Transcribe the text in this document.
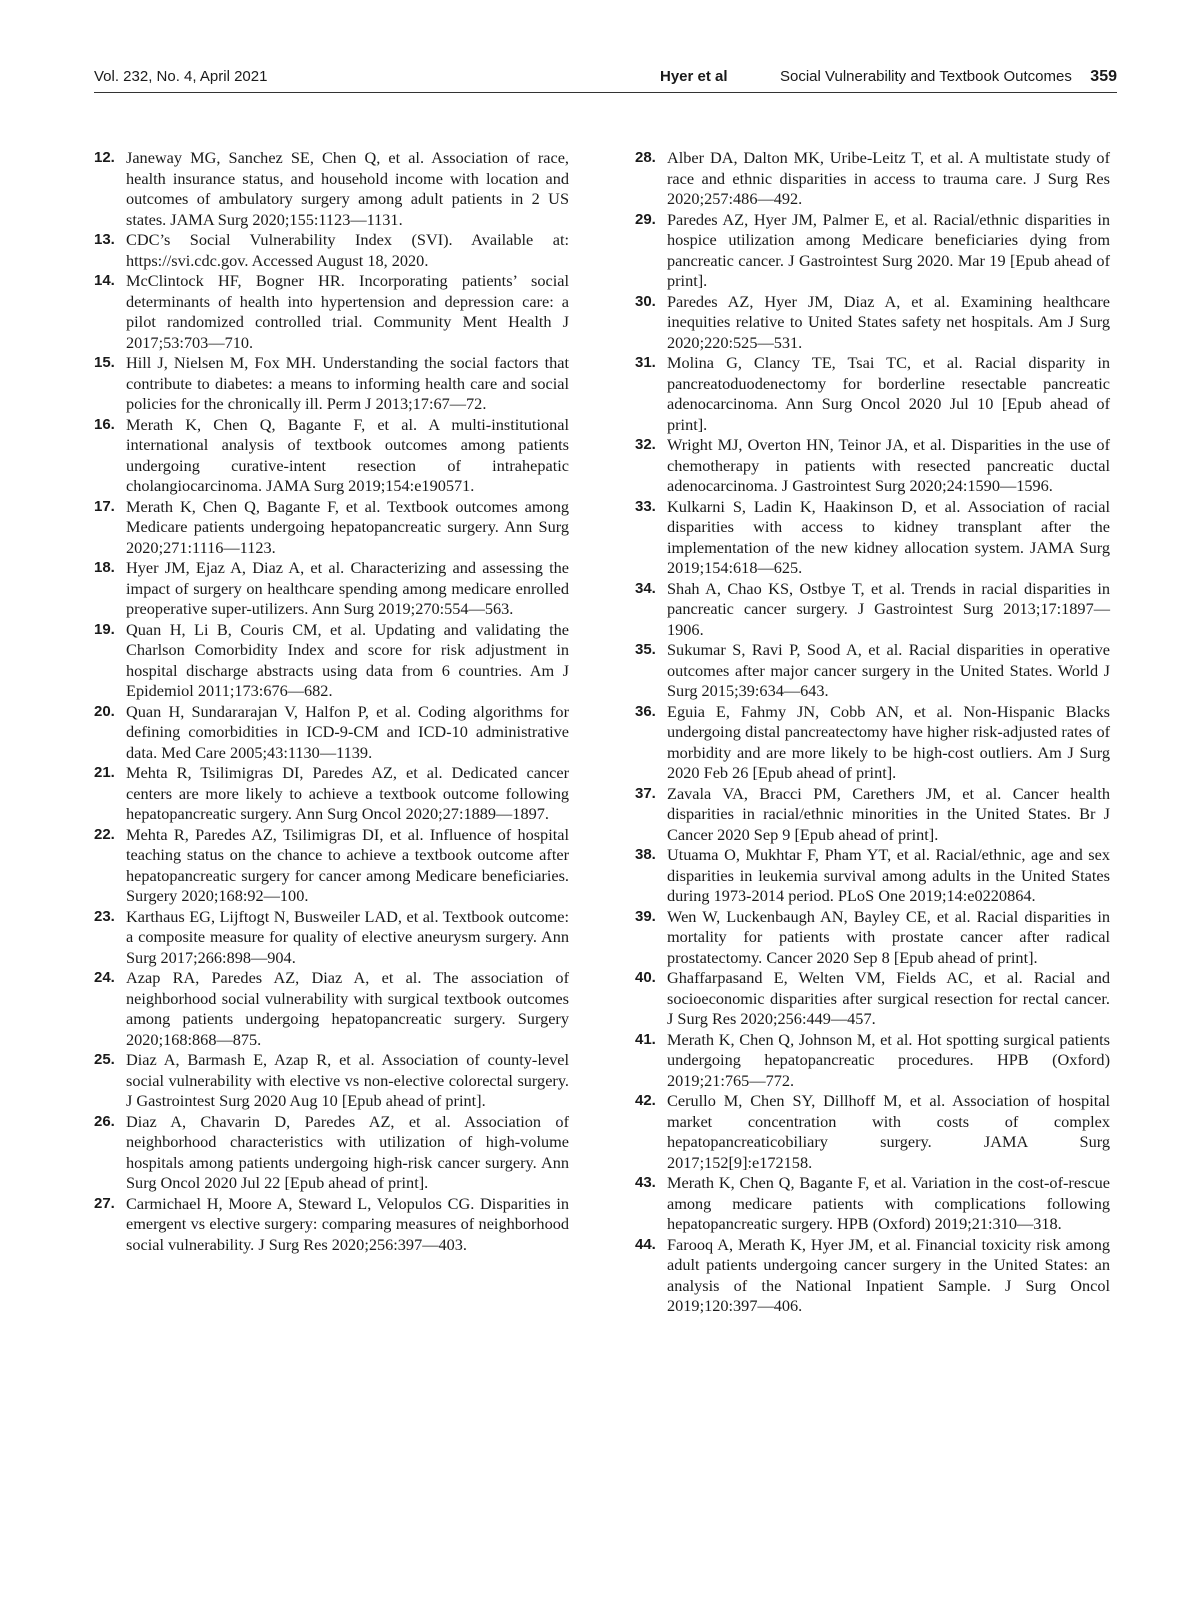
Vol. 232, No. 4, April 2021	Hyer et al	Social Vulnerability and Textbook Outcomes 359
12. Janeway MG, Sanchez SE, Chen Q, et al. Association of race, health insurance status, and household income with location and outcomes of ambulatory surgery among adult patients in 2 US states. JAMA Surg 2020;155:1123—1131.
13. CDC’s Social Vulnerability Index (SVI). Available at: https://svi.cdc.gov. Accessed August 18, 2020.
14. McClintock HF, Bogner HR. Incorporating patients’ social determinants of health into hypertension and depression care: a pilot randomized controlled trial. Community Ment Health J 2017;53:703—710.
15. Hill J, Nielsen M, Fox MH. Understanding the social factors that contribute to diabetes: a means to informing health care and social policies for the chronically ill. Perm J 2013;17:67—72.
16. Merath K, Chen Q, Bagante F, et al. A multi-institutional international analysis of textbook outcomes among patients undergoing curative-intent resection of intrahepatic cholangiocarcinoma. JAMA Surg 2019;154:e190571.
17. Merath K, Chen Q, Bagante F, et al. Textbook outcomes among Medicare patients undergoing hepatopancreatic surgery. Ann Surg 2020;271:1116—1123.
18. Hyer JM, Ejaz A, Diaz A, et al. Characterizing and assessing the impact of surgery on healthcare spending among medicare enrolled preoperative super-utilizers. Ann Surg 2019;270:554—563.
19. Quan H, Li B, Couris CM, et al. Updating and validating the Charlson Comorbidity Index and score for risk adjustment in hospital discharge abstracts using data from 6 countries. Am J Epidemiol 2011;173:676—682.
20. Quan H, Sundararajan V, Halfon P, et al. Coding algorithms for defining comorbidities in ICD-9-CM and ICD-10 administrative data. Med Care 2005;43:1130—1139.
21. Mehta R, Tsilimigras DI, Paredes AZ, et al. Dedicated cancer centers are more likely to achieve a textbook outcome following hepatopancreatic surgery. Ann Surg Oncol 2020;27:1889—1897.
22. Mehta R, Paredes AZ, Tsilimigras DI, et al. Influence of hospital teaching status on the chance to achieve a textbook outcome after hepatopancreatic surgery for cancer among Medicare beneficiaries. Surgery 2020;168:92—100.
23. Karthaus EG, Lijftogt N, Busweiler LAD, et al. Textbook outcome: a composite measure for quality of elective aneurysm surgery. Ann Surg 2017;266:898—904.
24. Azap RA, Paredes AZ, Diaz A, et al. The association of neighborhood social vulnerability with surgical textbook outcomes among patients undergoing hepatopancreatic surgery. Surgery 2020;168:868—875.
25. Diaz A, Barmash E, Azap R, et al. Association of county-level social vulnerability with elective vs non-elective colorectal surgery. J Gastrointest Surg 2020 Aug 10 [Epub ahead of print].
26. Diaz A, Chavarin D, Paredes AZ, et al. Association of neighborhood characteristics with utilization of high-volume hospitals among patients undergoing high-risk cancer surgery. Ann Surg Oncol 2020 Jul 22 [Epub ahead of print].
27. Carmichael H, Moore A, Steward L, Velopulos CG. Disparities in emergent vs elective surgery: comparing measures of neighborhood social vulnerability. J Surg Res 2020;256:397—403.
28. Alber DA, Dalton MK, Uribe-Leitz T, et al. A multistate study of race and ethnic disparities in access to trauma care. J Surg Res 2020;257:486—492.
29. Paredes AZ, Hyer JM, Palmer E, et al. Racial/ethnic disparities in hospice utilization among Medicare beneficiaries dying from pancreatic cancer. J Gastrointest Surg 2020. Mar 19 [Epub ahead of print].
30. Paredes AZ, Hyer JM, Diaz A, et al. Examining healthcare inequities relative to United States safety net hospitals. Am J Surg 2020;220:525—531.
31. Molina G, Clancy TE, Tsai TC, et al. Racial disparity in pancreatoduodenectomy for borderline resectable pancreatic adenocarcinoma. Ann Surg Oncol 2020 Jul 10 [Epub ahead of print].
32. Wright MJ, Overton HN, Teinor JA, et al. Disparities in the use of chemotherapy in patients with resected pancreatic ductal adenocarcinoma. J Gastrointest Surg 2020;24:1590—1596.
33. Kulkarni S, Ladin K, Haakinson D, et al. Association of racial disparities with access to kidney transplant after the implementation of the new kidney allocation system. JAMA Surg 2019;154:618—625.
34. Shah A, Chao KS, Ostbye T, et al. Trends in racial disparities in pancreatic cancer surgery. J Gastrointest Surg 2013;17:1897—1906.
35. Sukumar S, Ravi P, Sood A, et al. Racial disparities in operative outcomes after major cancer surgery in the United States. World J Surg 2015;39:634—643.
36. Eguia E, Fahmy JN, Cobb AN, et al. Non-Hispanic Blacks undergoing distal pancreatectomy have higher risk-adjusted rates of morbidity and are more likely to be high-cost outliers. Am J Surg 2020 Feb 26 [Epub ahead of print].
37. Zavala VA, Bracci PM, Carethers JM, et al. Cancer health disparities in racial/ethnic minorities in the United States. Br J Cancer 2020 Sep 9 [Epub ahead of print].
38. Utuama O, Mukhtar F, Pham YT, et al. Racial/ethnic, age and sex disparities in leukemia survival among adults in the United States during 1973-2014 period. PLoS One 2019;14:e0220864.
39. Wen W, Luckenbaugh AN, Bayley CE, et al. Racial disparities in mortality for patients with prostate cancer after radical prostatectomy. Cancer 2020 Sep 8 [Epub ahead of print].
40. Ghaffarpasand E, Welten VM, Fields AC, et al. Racial and socioeconomic disparities after surgical resection for rectal cancer. J Surg Res 2020;256:449—457.
41. Merath K, Chen Q, Johnson M, et al. Hot spotting surgical patients undergoing hepatopancreatic procedures. HPB (Oxford) 2019;21:765—772.
42. Cerullo M, Chen SY, Dillhoff M, et al. Association of hospital market concentration with costs of complex hepatopancreaticobiliary surgery. JAMA Surg 2017;152[9]:e172158.
43. Merath K, Chen Q, Bagante F, et al. Variation in the cost-of-rescue among medicare patients with complications following hepatopancreatic surgery. HPB (Oxford) 2019;21:310—318.
44. Farooq A, Merath K, Hyer JM, et al. Financial toxicity risk among adult patients undergoing cancer surgery in the United States: an analysis of the National Inpatient Sample. J Surg Oncol 2019;120:397—406.
